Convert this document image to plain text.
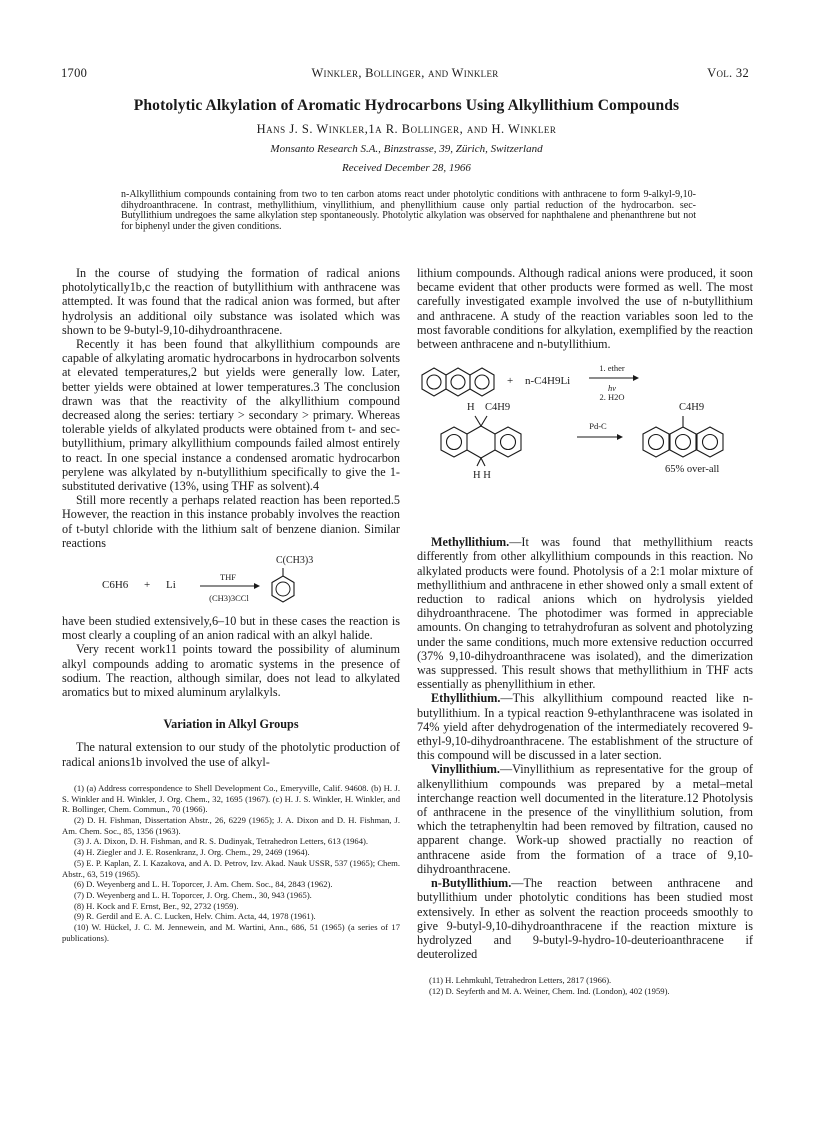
1700	Winkler, Bollinger, and Winkler	Vol. 32
Photolytic Alkylation of Aromatic Hydrocarbons Using Alkyllithium Compounds
Hans J. S. Winkler,1a R. Bollinger, and H. Winkler
Monsanto Research S.A., Binzstrasse, 39, Zürich, Switzerland
Received December 28, 1966

n-Alkyllithium compounds containing from two to ten carbon atoms react under photolytic conditions with anthracene to form 9-alkyl-9,10-dihydroanthracene. In contrast, methyllithium, vinyllithium, and phenyllithium cause only partial reduction of the hydrocarbon. sec-Butyllithium undregoes the same alkylation step spontaneously. Photolytic alkylation was observed for naphthalene and phenanthrene but not for biphenyl under the given conditions.

In the course of studying the formation of radical anions photolytically1b,c the reaction of butyllithium with anthracene was attempted. It was found that the radical anion was formed, but after hydrolysis an additional oily substance was isolated which was shown to be 9-butyl-9,10-dihydroanthracene.

Recently it has been found that alkyllithium compounds are capable of alkylating aromatic hydrocarbons in hydrocarbon solvents at elevated temperatures,2 but yields were generally low. Later, better yields were obtained at lower temperatures.3 The conclusion drawn was that the reactivity of the alkyllithium compound decreased along the series: tertiary > secondary > primary. Whereas tolerable yields of alkylated products were obtained from t- and sec-butyllithium, primary alkyllithium compounds failed almost entirely to react. In one special instance a condensed aromatic hydrocarbon perylene was alkylated by n-butyllithium specifically to give the 1-substituted derivative (13%, using THF as solvent).4

Still more recently a perhaps related reaction has been reported.5 However, the reaction in this instance probably involves the reaction of t-butyl chloride with the lithium salt of benzene dianion. Similar reactions

C6H6 + Li
THF
(CH3)3CCl
C(CH3)3

have been studied extensively,6–10 but in these cases the reaction is most clearly a coupling of an anion radical with an alkyl halide.

Very recent work11 points toward the possibility of aluminum alkyl compounds adding to aromatic systems in the presence of sodium. The reaction, although similar, does not lead to alkylated aromatics but to mixed aluminum arylalkyls.

Variation in Alkyl Groups

The natural extension to our study of the photolytic production of radical anions1b involved the use of alkyl-

(1) (a) Address correspondence to Shell Development Co., Emeryville, Calif. 94608. (b) H. J. S. Winkler and H. Winkler, J. Org. Chem., 32, 1695 (1967). (c) H. J. S. Winkler, H. Winkler, and R. Bollinger, Chem. Commun., 70 (1966).
(2) D. H. Fishman, Dissertation Abstr., 26, 6229 (1965); J. A. Dixon and D. H. Fishman, J. Am. Chem. Soc., 85, 1356 (1963).
(3) J. A. Dixon, D. H. Fishman, and R. S. Dudinyak, Tetrahedron Letters, 613 (1964).
(4) H. Ziegler and J. E. Rosenkranz, J. Org. Chem., 29, 2469 (1964).
(5) E. P. Kaplan, Z. I. Kazakova, and A. D. Petrov, Izv. Akad. Nauk USSR, 537 (1965); Chem. Abstr., 63, 519 (1965).
(6) D. Weyenberg and L. H. Toporcer, J. Am. Chem. Soc., 84, 2843 (1962).
(7) D. Weyenberg and L. H. Toporcer, J. Org. Chem., 30, 943 (1965).
(8) H. Kock and F. Ernst, Ber., 92, 2732 (1959).
(9) R. Gerdil and E. A. C. Lucken, Helv. Chim. Acta, 44, 1978 (1961).
(10) W. Hückel, J. C. M. Jennewein, and M. Wartini, Ann., 686, 51 (1965) (a series of 17 publications).

lithium compounds. Although radical anions were produced, it soon became evident that other products were formed as well. The most carefully investigated example involved the use of n-butyllithium and anthracene. A study of the reaction variables soon led to the most favorable conditions for alkylation, exemplified by the reaction between anthracene and n-butyllithium.

+ n-C4H9Li
1. ether
hν
2. H2O
H C4H9
H H
Pd-C
C4H9
65% over-all

Methyllithium.—It was found that methyllithium reacts differently from other alkyllithium compounds in this reaction. No alkylated products were found. Photolysis of a 2:1 molar mixture of methyllithium and anthracene in ether showed only a small extent of reduction to radical anions which on hydrolysis yielded dihydroanthracene. The photodimer was formed in appreciable amounts. On changing to tetrahydrofuran as solvent and photolyzing under the same conditions, much more extensive reduction occurred (37% 9,10-dihydroanthracene was isolated), and the dimerization was suppressed. This result shows that methyllithium in THF acts essentially as phenyllithium in ether.

Ethyllithium.—This alkyllithium compound reacted like n-butyllithium. In a typical reaction 9-ethylanthracene was isolated in 74% yield after dehydrogenation of the intermediately recovered 9-ethyl-9,10-dihydroanthracene. The establishment of the structure of this compound will be discussed in a later section.

Vinyllithium.—Vinyllithium as representative for the group of alkenyllithium compounds was prepared by a metal–metal interchange reaction well documented in the literature.12 Photolysis of anthracene in the presence of the vinyllithium solution, from which the tetraphenyltin had been removed by filtration, caused no apparent change. Work-up showed practially no reaction of anthracene aside from the formation of a trace of 9,10-dihydroanthracene.

n-Butyllithium.—The reaction between anthracene and butyllithium under photolytic conditions has been studied most extensively. In ether as solvent the reaction proceeds smoothly to give 9-butyl-9,10-dihydroanthracene if the reaction mixture is hydrolyzed and 9-butyl-9-hydro-10-deuterioanthracene if deuterolized

(11) H. Lehmkuhl, Tetrahedron Letters, 2817 (1966).
(12) D. Seyferth and M. A. Weiner, Chem. Ind. (London), 402 (1959).
